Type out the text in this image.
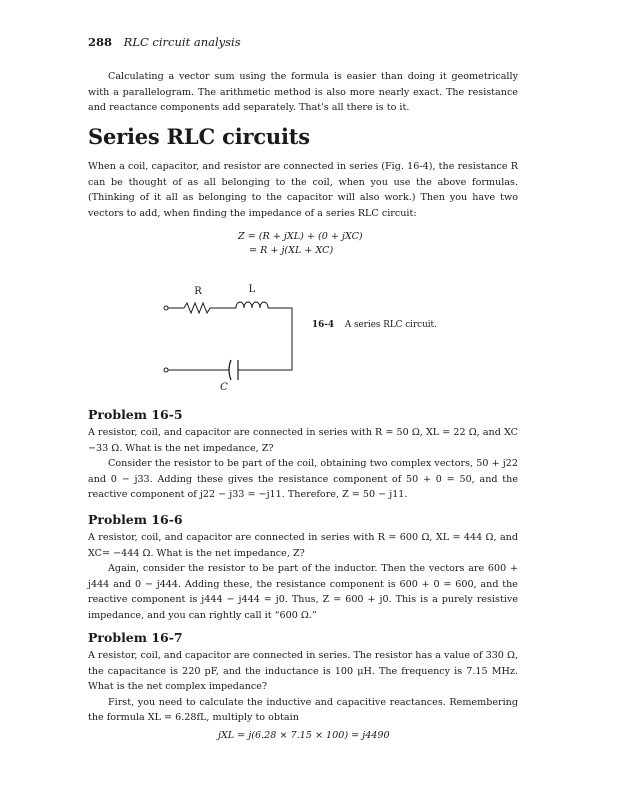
288 RLC circuit analysis

Calculating a vector sum using the formula is easier than doing it geometrically with a parallelogram. The arithmetic method is also more nearly exact. The resistance and reactance components add separately. That's all there is to it.

Series RLC circuits

When a coil, capacitor, and resistor are connected in series (Fig. 16-4), the resistance R can be thought of as all belonging to the coil, when you use the above formulas. (Thinking of it all as belonging to the capacitor will also work.) Then you have two vectors to add, when finding the impedance of a series RLC circuit:

Z = (R + jXL) + (0 + jXC)
= R + j(XL + XC)
R	L
C
16-4 A series RLC circuit.
Problem 16-5

A resistor, coil, and capacitor are connected in series with R = 50 Ω, XL = 22 Ω, and XC −33 Ω. What is the net impedance, Z?

Consider the resistor to be part of the coil, obtaining two complex vectors, 50 + j22 and 0 − j33. Adding these gives the resistance component of 50 + 0 = 50, and the reactive component of j22 − j33 = −j11. Therefore, Z = 50 − j11.

Problem 16-6

A resistor, coil, and capacitor are connected in series with R = 600 Ω, XL = 444 Ω, and XC= −444 Ω. What is the net impedance, Z?

Again, consider the resistor to be part of the inductor. Then the vectors are 600 + j444 and 0 − j444. Adding these, the resistance component is 600 + 0 = 600, and the reactive component is j444 − j444 = j0. Thus, Z = 600 + j0. This is a purely resistive impedance, and you can rightly call it “600 Ω.”

Problem 16-7

A resistor, coil, and capacitor are connected in series. The resistor has a value of 330 Ω, the capacitance is 220 pF, and the inductance is 100 μH. The frequency is 7.15 MHz. What is the net complex impedance?

First, you need to calculate the inductive and capacitive reactances. Remembering the formula XL = 6.28fL, multiply to obtain

jXL = j(6.28 × 7.15 × 100) = j4490
